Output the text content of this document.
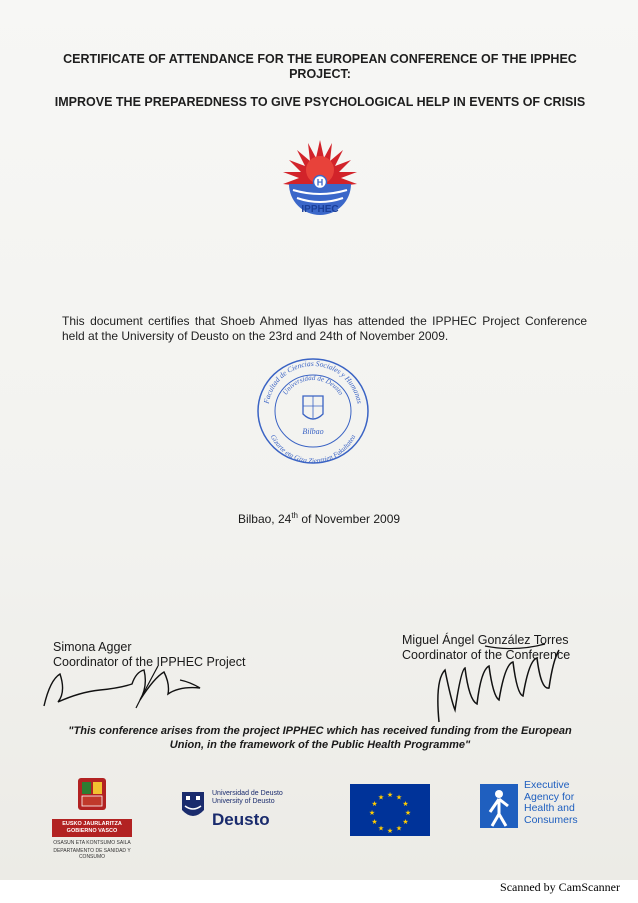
CERTIFICATE OF ATTENDANCE FOR THE EUROPEAN CONFERENCE OF THE IPPHEC PROJECT:
IMPROVE THE PREPAREDNESS TO GIVE PSYCHOLOGICAL HELP IN EVENTS OF CRISIS
H
IPPHEC
This document certifies that Shoeb Ahmed Ilyas has attended the IPPHEC Project Conference held at the University of Deusto on the 23rd and 24th of November 2009.
Facultad de Ciencias Sociales y Humanas
Universidad de Deusto
Gizarte eta Giza Zientzien Fakultatea
Bilbao
Bilbao, 24th of November 2009
Simona Agger
Coordinator of the IPPHEC Project
Miguel Ángel González Torres
Coordinator of the Conference
"This conference arises from the project IPPHEC which has received funding from the European
Union, in the framework of the Public Health Programme"
EUSKO JAURLARITZA
GOBIERNO VASCO
OSASUN ETA KONTSUMO SAILA
DEPARTAMENTO DE SANIDAD Y CONSUMO
Universidad de Deusto
University of Deusto
Deusto
★ ★
★
★
★
★
★
★
★
★
★
★
Executive
Agency for
Health and
Consumers
Scanned by CamScanner
